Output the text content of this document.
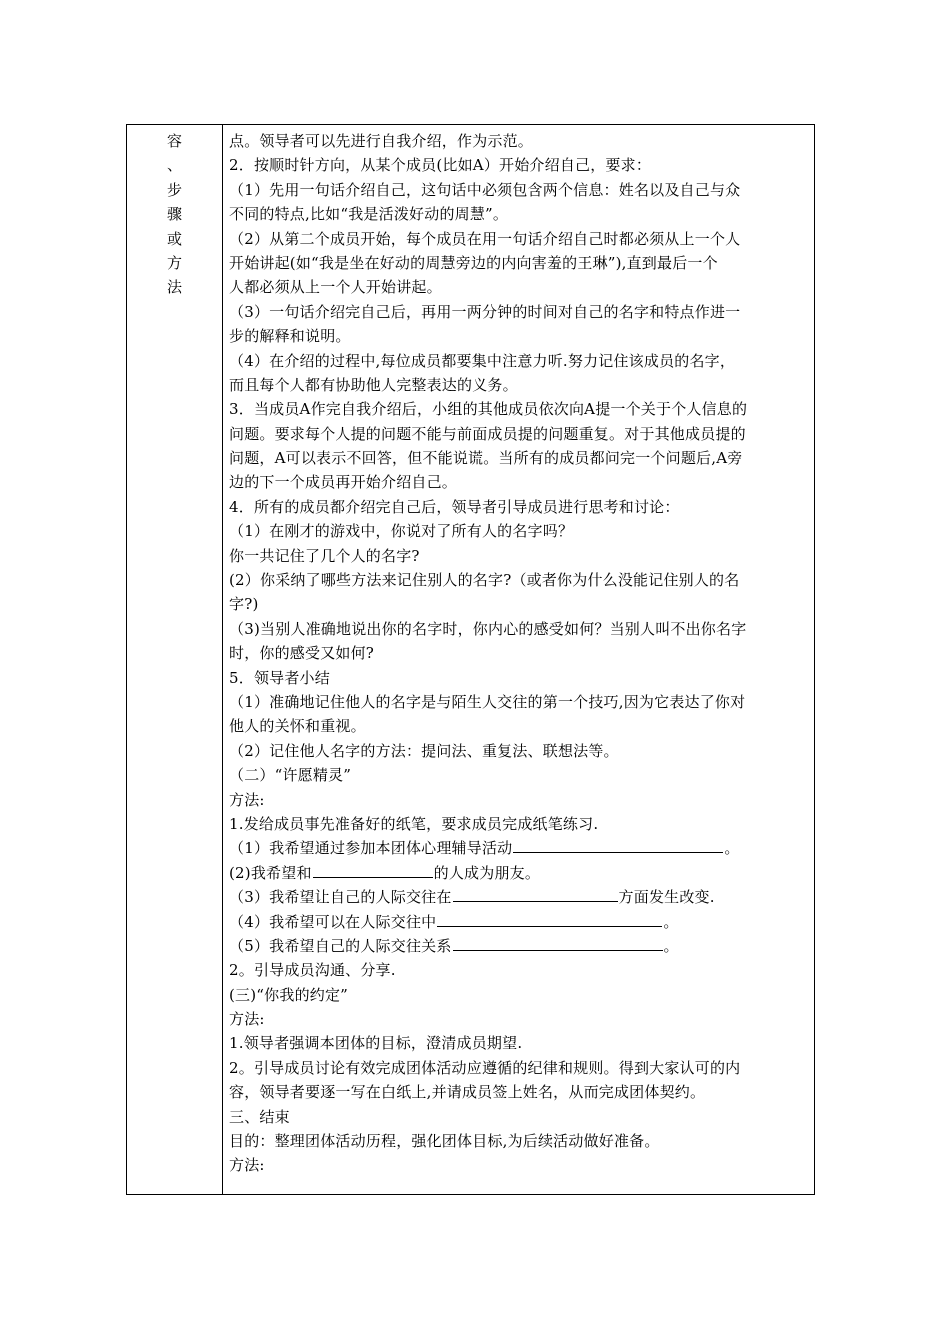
容
、
步
骤
或
方
法
点。领导者可以先进行自我介绍，作为示范。
2．按顺时针方向，从某个成员(比如A）开始介绍自己，要求：
（1）先用一句话介绍自己，这句话中必须包含两个信息：姓名以及自己与众
不同的特点,比如“我是活泼好动的周慧”。
（2）从第二个成员开始，每个成员在用一句话介绍自己时都必须从上一个人
开始讲起(如“我是坐在好动的周慧旁边的内向害羞的王琳”),直到最后一个
人都必须从上一个人开始讲起。
（3）一句话介绍完自己后，再用一两分钟的时间对自己的名字和特点作进一
步的解释和说明。
（4）在介绍的过程中,每位成员都要集中注意力听.努力记住该成员的名字，
而且每个人都有协助他人完整表达的义务。
3．当成员A作完自我介绍后，小组的其他成员依次向A提一个关于个人信息的
问题。要求每个人提的问题不能与前面成员提的问题重复。对于其他成员提的
问题，A可以表示不回答，但不能说谎。当所有的成员都问完一个问题后,A旁
边的下一个成员再开始介绍自己。
4．所有的成员都介绍完自己后，领导者引导成员进行思考和讨论：
（1）在刚才的游戏中，你说对了所有人的名字吗？
你一共记住了几个人的名字?
(2）你采纳了哪些方法来记住别人的名字?（或者你为什么没能记住别人的名
字?)
（3)当别人准确地说出你的名字时，你内心的感受如何？当别人叫不出你名字
时，你的感受又如何?
5．领导者小结
（1）准确地记住他人的名字是与陌生人交往的第一个技巧,因为它表达了你对
他人的关怀和重视。
（2）记住他人名字的方法：提问法、重复法、联想法等。
（二）“许愿精灵”
方法:
1.发给成员事先准备好的纸笔，要求成员完成纸笔练习.
（1）我希望通过参加本团体心理辅导活动	。
(2)我希望和	的人成为朋友。
（3）我希望让自己的人际交往在	方面发生改变.
（4）我希望可以在人际交往中	。
（5）我希望自己的人际交往关系	。
2。引导成员沟通、分享.
(三)“你我的约定”
方法:
1.领导者强调本团体的目标，澄清成员期望.
2。引导成员讨论有效完成团体活动应遵循的纪律和规则。得到大家认可的内
容，领导者要逐一写在白纸上,并请成员签上姓名，从而完成团体契约。
三、结束
目的：整理团体活动历程，强化团体目标,为后续活动做好准备。
方法:
